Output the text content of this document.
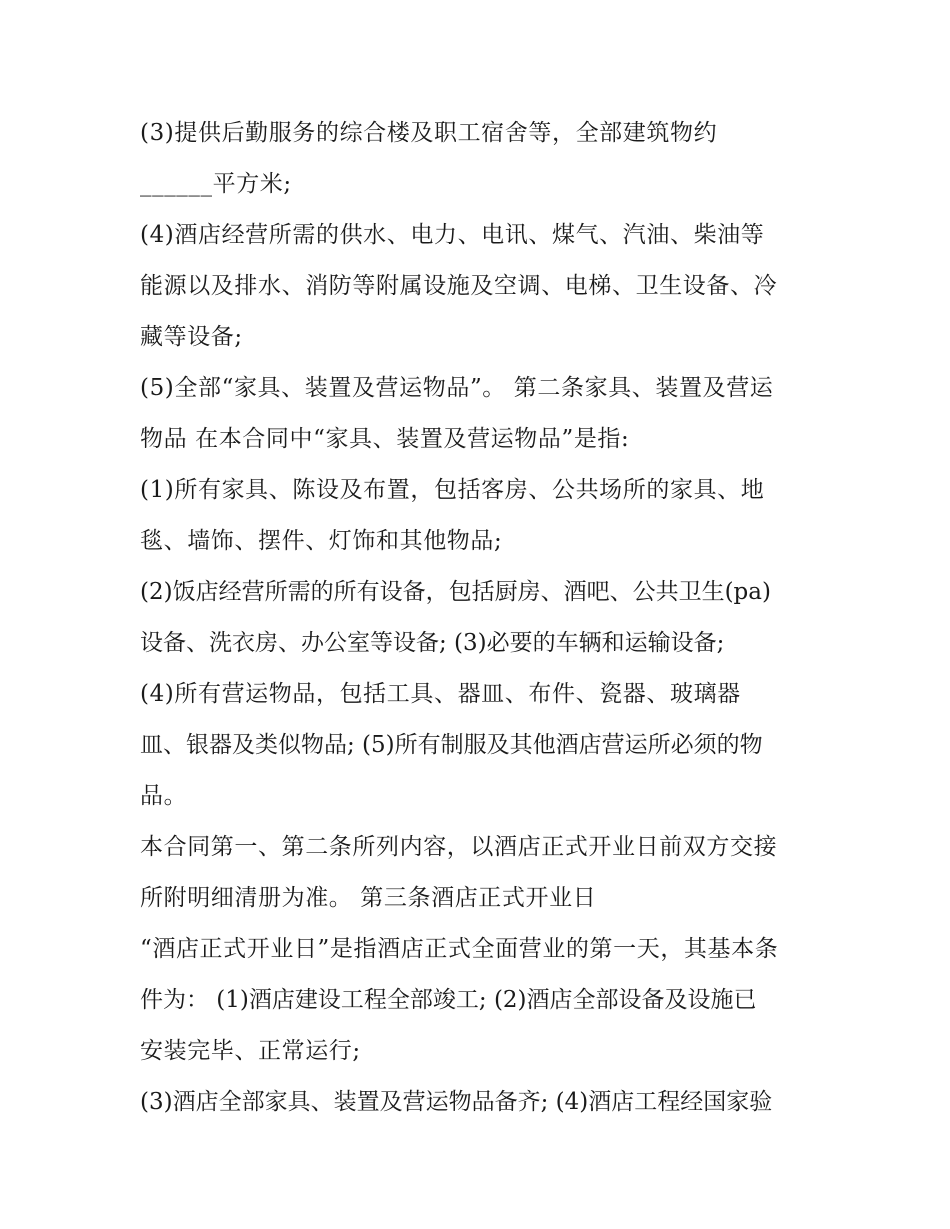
(3)提供后勤服务的综合楼及职工宿舍等，全部建筑物约
______平方米;
(4)酒店经营所需的供水、电力、电讯、煤气、汽油、柴油等
能源以及排水、消防等附属设施及空调、电梯、卫生设备、冷
藏等设备;
(5)全部“家具、装置及营运物品”。 第二条家具、装置及营运
物品 在本合同中“家具、装置及营运物品”是指:
(1)所有家具、陈设及布置，包括客房、公共场所的家具、地
毯、墙饰、摆件、灯饰和其他物品;
(2)饭店经营所需的所有设备，包括厨房、酒吧、公共卫生(pa)
设备、洗衣房、办公室等设备; (3)必要的车辆和运输设备;
(4)所有营运物品，包括工具、器皿、布件、瓷器、玻璃器
皿、银器及类似物品; (5)所有制服及其他酒店营运所必须的物
品。
本合同第一、第二条所列内容，以酒店正式开业日前双方交接
所附明细清册为准。 第三条酒店正式开业日
“酒店正式开业日”是指酒店正式全面营业的第一天，其基本条
件为： (1)酒店建设工程全部竣工; (2)酒店全部设备及设施已
安装完毕、正常运行;
(3)酒店全部家具、装置及营运物品备齐; (4)酒店工程经国家验
